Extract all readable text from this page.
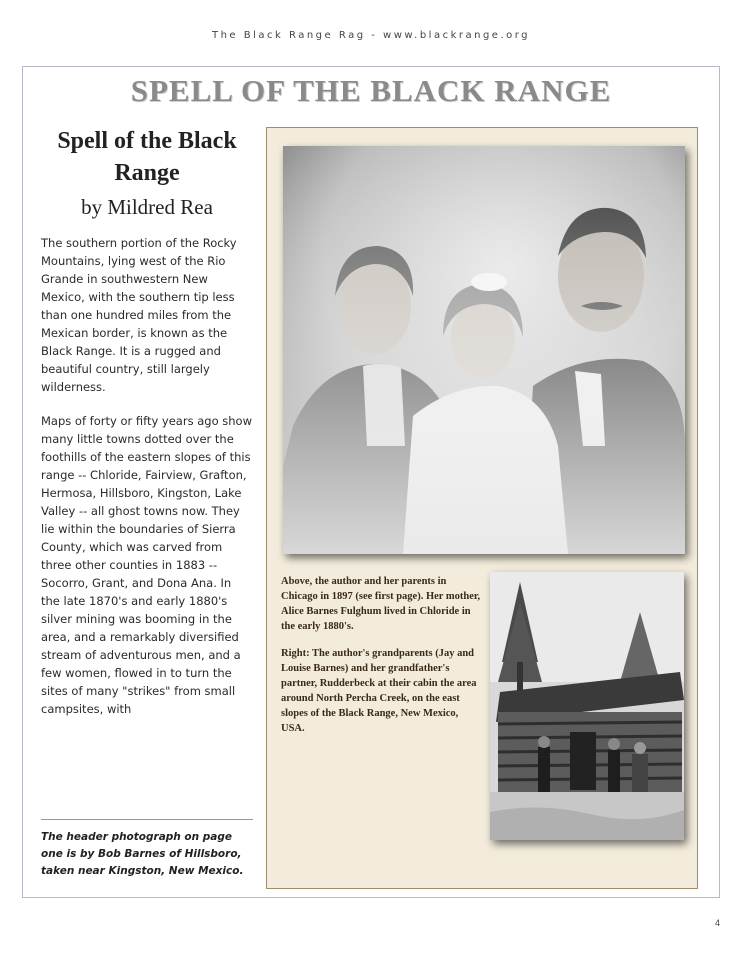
The Black Range Rag - www.blackrange.org
SPELL OF THE BLACK RANGE
Spell of the Black Range
by Mildred Rea

The southern portion of the Rocky Mountains, lying west of the Rio Grande in southwestern New Mexico, with the southern tip less than one hundred miles from the Mexican border, is known as the Black Range. It is a rugged and beautiful country, still largely wilderness.

Maps of forty or fifty years ago show many little towns dotted over the foothills of the eastern slopes of this range -- Chloride, Fairview, Grafton, Hermosa, Hillsboro, Kingston, Lake Valley -- all ghost towns now. They lie within the boundaries of Sierra County, which was carved from three other counties in 1883 -- Socorro, Grant, and Dona Ana. In the late 1870's and early 1880's silver mining was booming in the area, and a remarkably diversified stream of adventurous men, and a few women, flowed in to turn the sites of many "strikes" from small campsites, with

The header photograph on page one is by Bob Barnes of Hillsboro, taken near Kingston, New Mexico.

Above, the author and her parents in Chicago in 1897 (see first page). Her mother, Alice Barnes Fulghum lived in Chloride in the early 1880's.

Right: The author's grandparents (Jay and Louise Barnes) and her grandfather's partner, Rudderbeck at their cabin the area around North Percha Creek, on the east slopes of the Black Range, New Mexico, USA.

4
